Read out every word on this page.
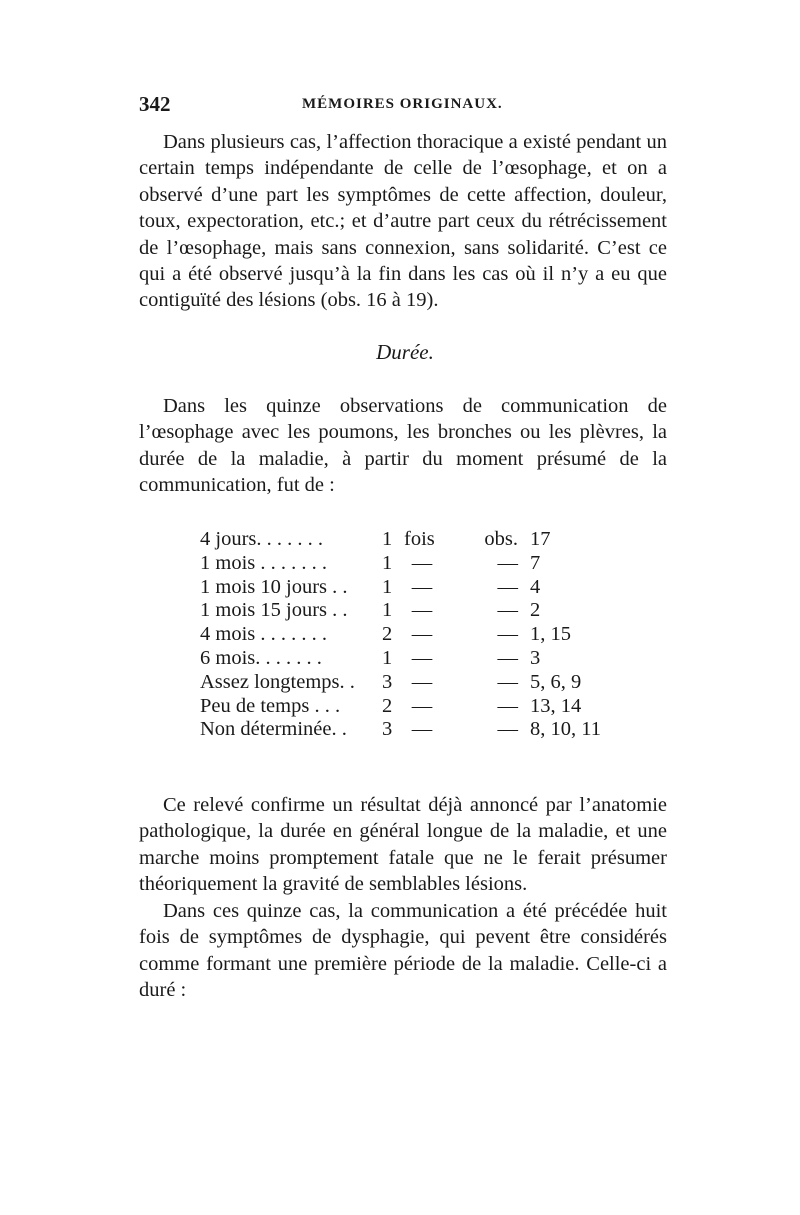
342	MÉMOIRES ORIGINAUX.

Dans plusieurs cas, l’affection thoracique a existé pendant un certain temps indépendante de celle de l’œsophage, et on a observé d’une part les symptômes de cette affection, douleur, toux, expectoration, etc.; et d’autre part ceux du rétrécissement de l’œsophage, mais sans connexion, sans solidarité. C’est ce qui a été observé jusqu’à la fin dans les cas où il n’y a eu que contiguïté des lésions (obs. 16 à 19).

Durée.

Dans les quinze observations de communication de l’œsophage avec les poumons, les bronches ou les plèvres, la durée de la maladie, à partir du moment présumé de la communication, fut de :

4 jours. . . . . . .	1	fois	obs. 17
1 mois . . . . . . .	1	—	— 7
1 mois 10 jours . .	1	—	— 4
1 mois 15 jours . .	1	—	— 2
4 mois . . . . . . .	2	—	— 1, 15
6 mois. . . . . . .	1	—	— 3
Assez longtemps. .	3	—	— 5, 6, 9
Peu de temps . . .	2	—	— 13, 14
Non déterminée. .	3	—	— 8, 10, 11

Ce relevé confirme un résultat déjà annoncé par l’anatomie pathologique, la durée en général longue de la maladie, et une marche moins promptement fatale que ne le ferait présumer théoriquement la gravité de semblables lésions.

Dans ces quinze cas, la communication a été précédée huit fois de symptômes de dysphagie, qui pevent être considérés comme formant une première période de la maladie. Celle-ci a duré :
